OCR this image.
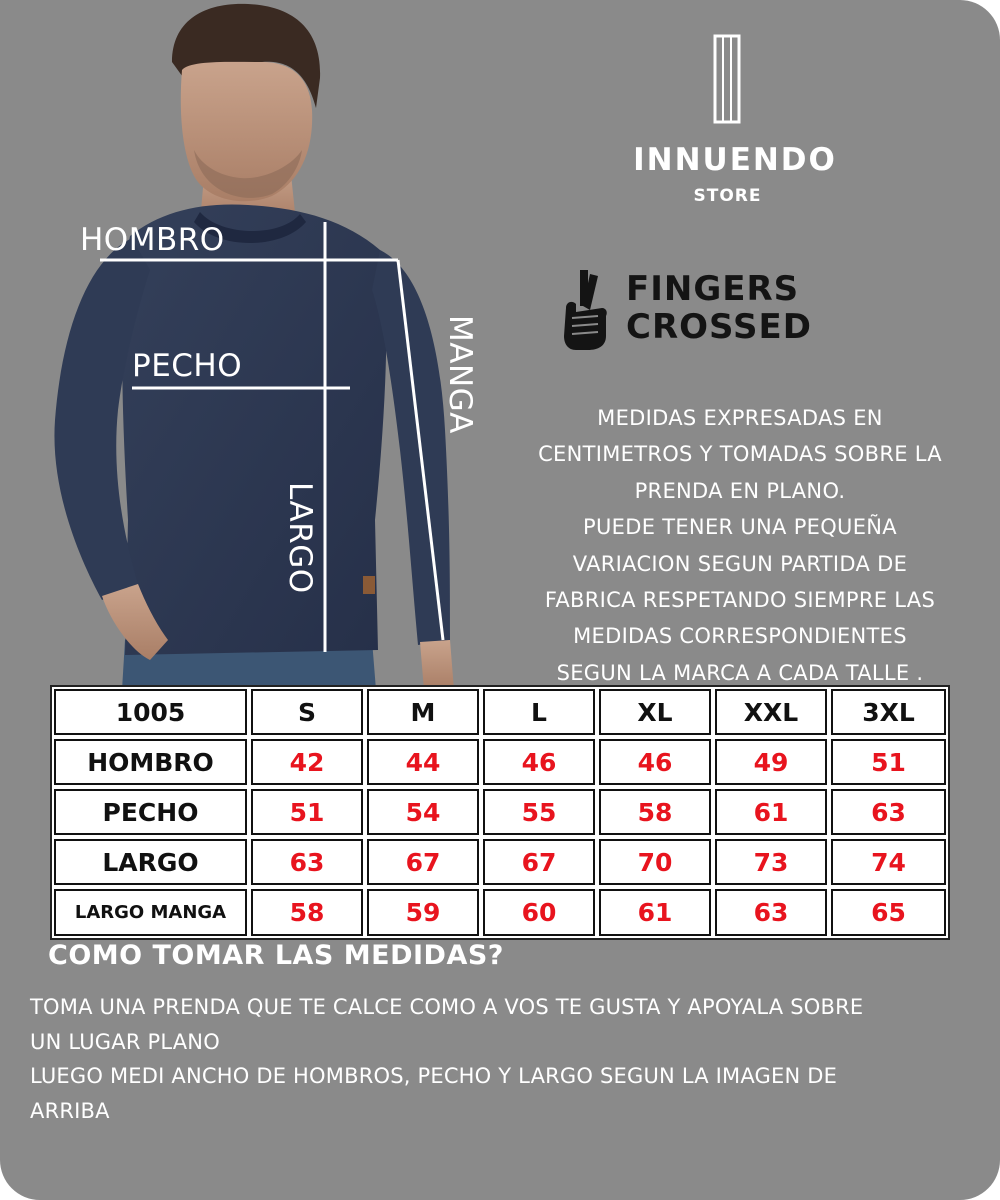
HOMBRO
PECHO	MANGA
LARGO
INNUENDO
STORE
FINGERS
CROSSED
MEDIDAS EXPRESADAS EN
CENTIMETROS Y TOMADAS SOBRE LA
PRENDA EN PLANO.
PUEDE TENER UNA PEQUEÑA
VARIACION SEGUN PARTIDA DE
FABRICA RESPETANDO SIEMPRE LAS
MEDIDAS CORRESPONDIENTES
SEGUN LA MARCA A CADA TALLE .
1005	S	M	L	XL	XXL	3XL
HOMBRO	42	44	46	46	49	51
PECHO	51	54	55	58	61	63
LARGO	63	67	67	70	73	74
LARGO MANGA	58	59	60	61	63	65
COMO TOMAR LAS MEDIDAS?
TOMA UNA PRENDA QUE TE CALCE COMO A VOS TE GUSTA Y APOYALA SOBRE
UN LUGAR PLANO
LUEGO MEDI ANCHO DE HOMBROS, PECHO Y LARGO SEGUN LA IMAGEN DE
ARRIBA
